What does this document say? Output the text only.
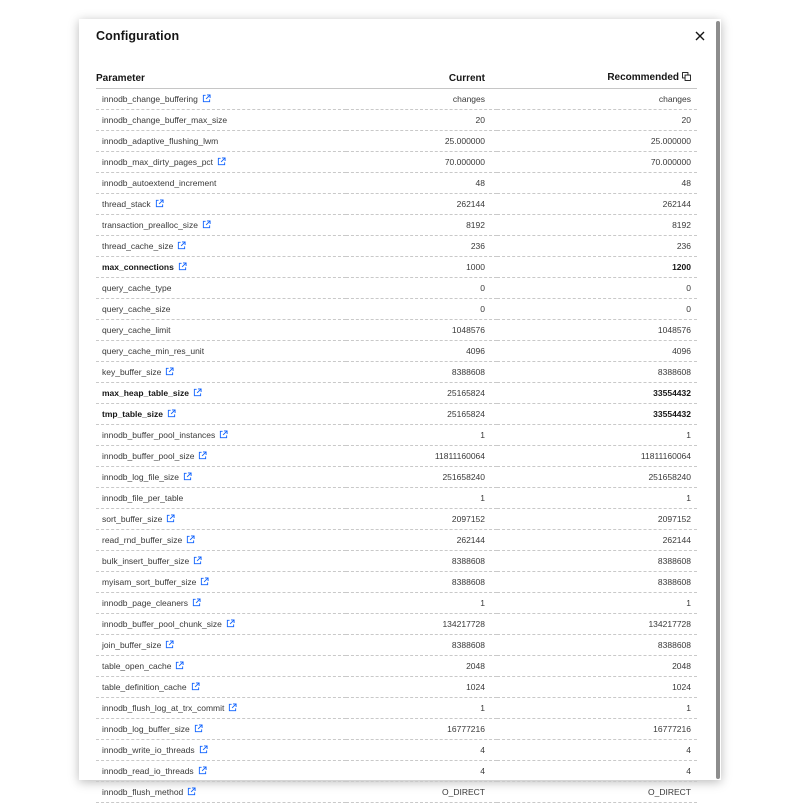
Configuration
Parameter	Current	Recommended
innodb_change_buffering	changes	changes
innodb_change_buffer_max_size	20	20
innodb_adaptive_flushing_lwm	25.000000	25.000000
innodb_max_dirty_pages_pct	70.000000	70.000000
innodb_autoextend_increment	48	48
thread_stack	262144	262144
transaction_prealloc_size	8192	8192
thread_cache_size	236	236
max_connections	1000	1200
query_cache_type	0	0
query_cache_size	0	0
query_cache_limit	1048576	1048576
query_cache_min_res_unit	4096	4096
key_buffer_size	8388608	8388608
max_heap_table_size	25165824	33554432
tmp_table_size	25165824	33554432
innodb_buffer_pool_instances	1	1
innodb_buffer_pool_size	11811160064	11811160064
innodb_log_file_size	251658240	251658240
innodb_file_per_table	1	1
sort_buffer_size	2097152	2097152
read_rnd_buffer_size	262144	262144
bulk_insert_buffer_size	8388608	8388608
myisam_sort_buffer_size	8388608	8388608
innodb_page_cleaners	1	1
innodb_buffer_pool_chunk_size	134217728	134217728
join_buffer_size	8388608	8388608
table_open_cache	2048	2048
table_definition_cache	1024	1024
innodb_flush_log_at_trx_commit	1	1
innodb_log_buffer_size	16777216	16777216
innodb_write_io_threads	4	4
innodb_read_io_threads	4	4
innodb_flush_method	O_DIRECT	O_DIRECT
